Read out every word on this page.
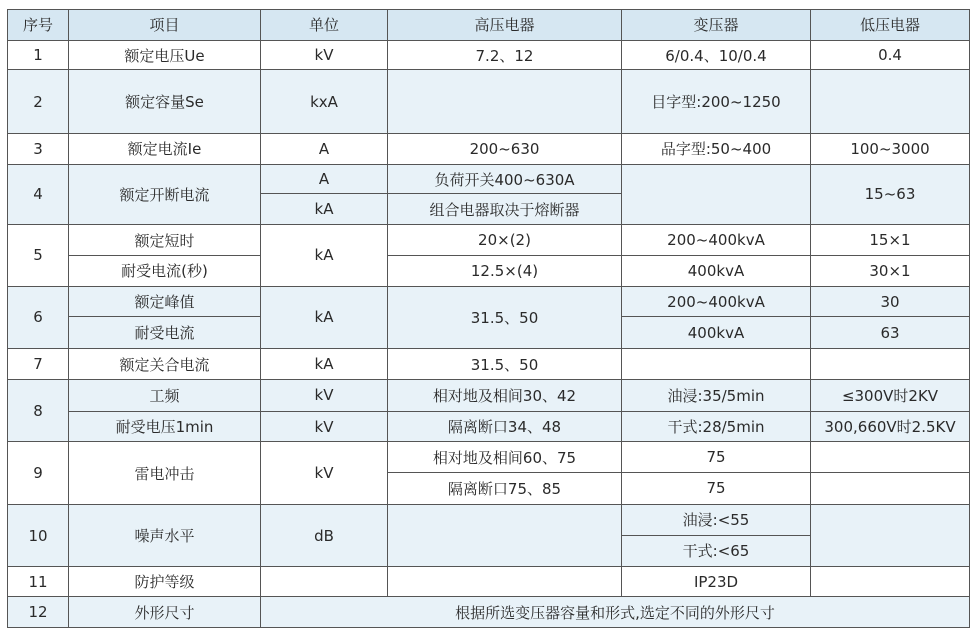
序号	项目	单位	高压电器	变压器	低压电器
1	额定电压Ue	kV	7.2、12	6/0.4、10/0.4	0.4
2	额定容量Se	kxA		目字型:200~1250	
3	额定电流Ie	A	200~630	品字型:50~400	100~3000
4	额定开断电流	A	负荷开关400~630A		15~63
		kA	组合电器取决于熔断器		
5	额定短时	kA	20×(2)	200~400kvA	15×1
	耐受电流(秒)		12.5×(4)	400kvA	30×1
6	额定峰值	kA	31.5、50	200~400kvA	30
	耐受电流			400kvA	63
7	额定关合电流	kA	31.5、50		
8	工频	kV	相对地及相间30、42	油浸:35/5min	≤300V时2KV
	耐受电压1min	kV	隔离断口34、48	干式:28/5min	300,660V时2.5KV
9	雷电冲击	kV	相对地及相间60、75	75	
			隔离断口75、85	75	
10	噪声水平	dB		油浸:<55	
				干式:<65	
11	防护等级			IP23D	
12	外形尺寸	根据所选变压器容量和形式,选定不同的外形尺寸			
